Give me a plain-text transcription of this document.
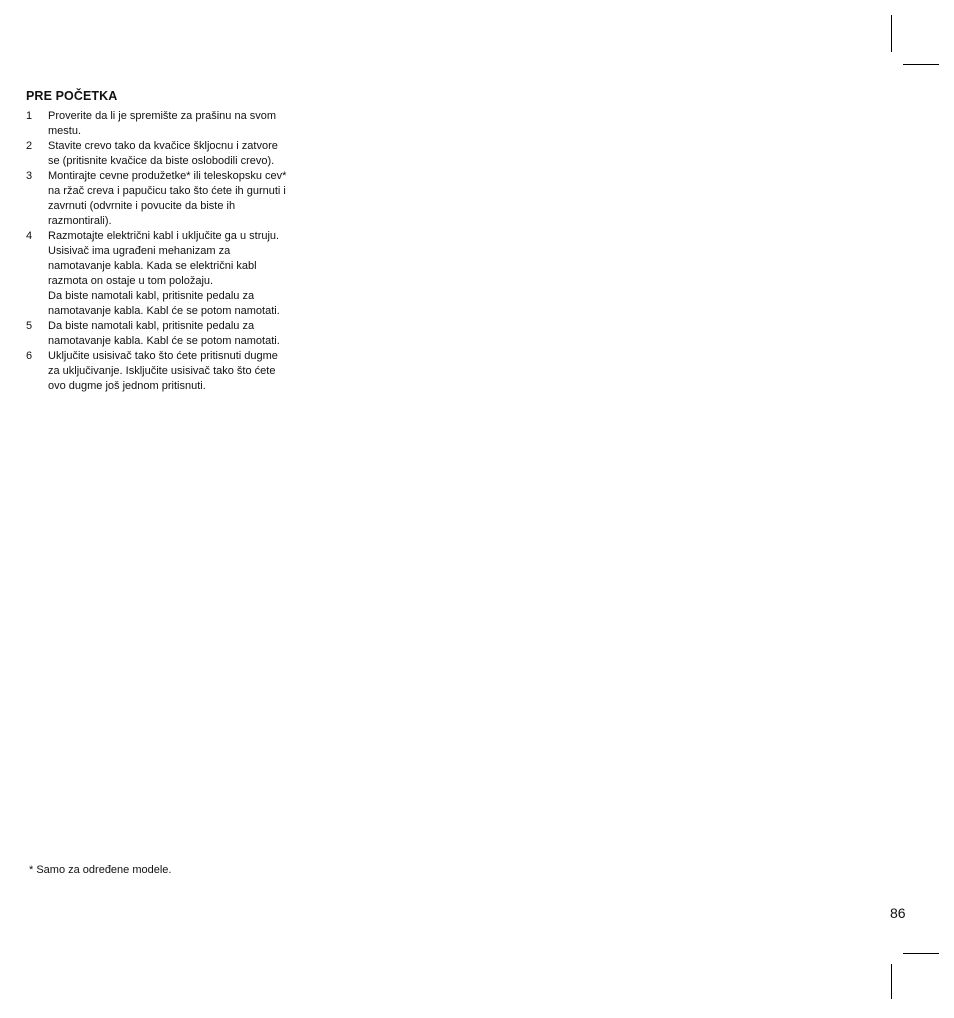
PRE POČETKA
1	Proverite da li je spremište za prašinu na svom mestu.

2	Stavite crevo tako da kvačice škljocnu i zatvore se (pritisnite kvačice da biste oslobodili crevo).

3	Montirajte cevne produžetke* ili teleskopsku cev* na ržač creva i papučicu tako što ćete ih gurnuti i zavrnuti (odvrnite i povucite da biste ih razmontirali).

4	Razmotajte električni kabl i uključite ga u struju. Usisivač ima ugrađeni mehanizam za namotavanje kabla. Kada se električni kabl razmota on ostaje u tom položaju.

Da biste namotali kabl, pritisnite pedalu za namotavanje kabla. Kabl će se potom namotati.

5	Da biste namotali kabl, pritisnite pedalu za namotavanje kabla. Kabl će se potom namotati.

6	Uključite usisivač tako što ćete pritisnuti dugme za uključivanje. Isključite usisivač tako što ćete ovo dugme još jednom pritisnuti.

* Samo za određene modele.
86
